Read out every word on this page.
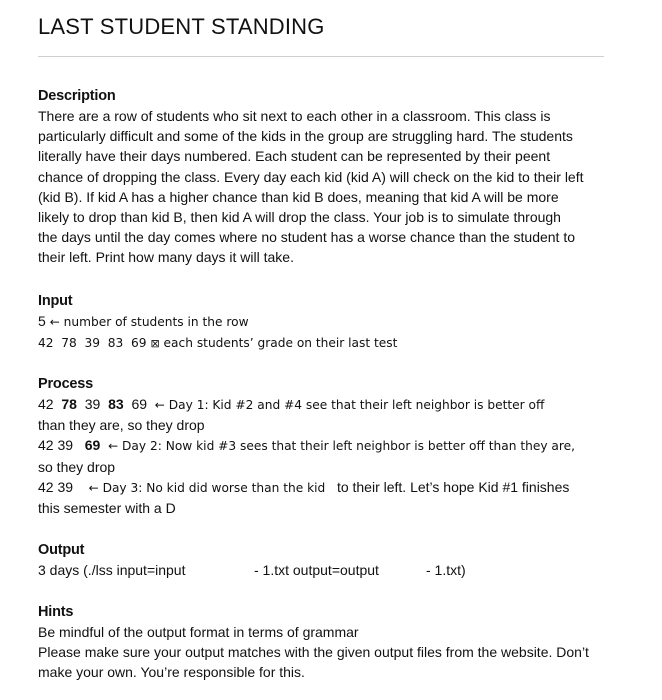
LAST STUDENT STANDING

Description

There are a row of students who sit next to each other in a classroom. This class is

particularly difficult and some of the kids in the group are struggling hard. The students

literally have their days numbered. Each student can be represented by their peent

chance of dropping the class. Every day each kid (kid A) will check on the kid to their left

(kid B). If kid A has a higher chance than kid B does, meaning that kid A will be more

likely to drop than kid B, then kid A will drop the class. Your job is to simulate through

the days until the day comes where no student has a worse chance than the student to

their left. Print how many days it will take.

Input

5 ← number of students in the row

42  78  39  83  69 ⊠ each students’ grade on their last test

Process

42 78 39 83 69 ← Day 1: Kid #2 and #4 see that their left neighbor is better off

than they are, so they drop

42 39 69 ← Day 2: Now kid #3 sees that their left neighbor is better off than they are,

so they drop

42 39 ← Day 3: No kid did worse than the kid to their left. Let’s hope Kid #1 finishes

this semester with a D

Output

3 days (./lss input=input	- 1.txt output=output	- 1.txt)

Hints

Be mindful of the output format in terms of grammar

Please make sure your output matches with the given output files from the website. Don’t

make your own. You’re responsible for this.
